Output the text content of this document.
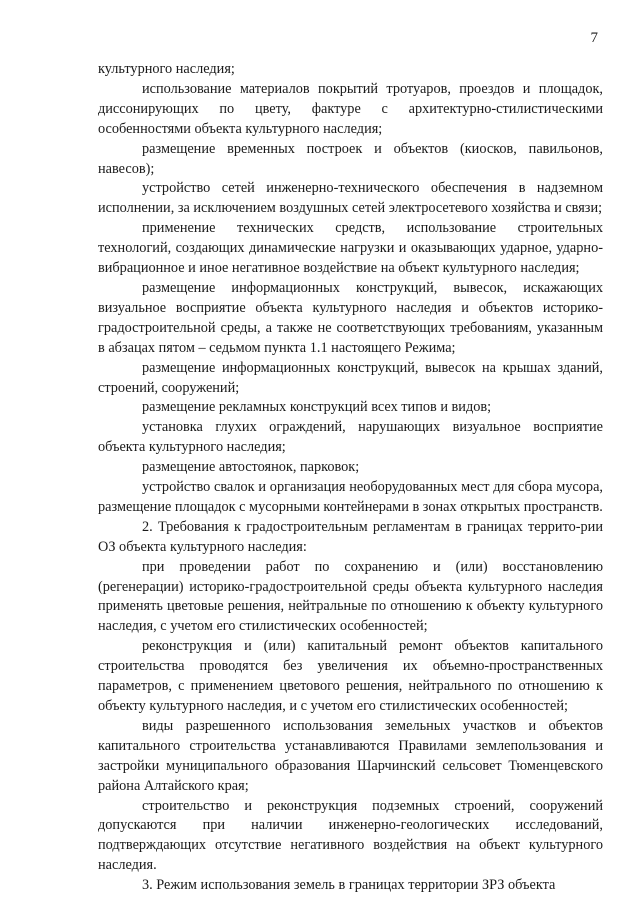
7

культурного наследия;

использование материалов покрытий тротуаров, проездов и площадок, диссонирующих по цвету, фактуре с архитектурно-стилистическими особенностями объекта культурного наследия;

размещение временных построек и объектов (киосков, павильонов, навесов);

устройство сетей инженерно-технического обеспечения в надземном исполнении, за исключением воздушных сетей электросетевого хозяйства и связи;

применение технических средств, использование строительных технологий, создающих динамические нагрузки и оказывающих ударное, ударно-вибрационное и иное негативное воздействие на объект культурного наследия;

размещение информационных конструкций, вывесок, искажающих визуальное восприятие объекта культурного наследия и объектов историко-градостроительной среды, а также не соответствующих требованиям, указанным в абзацах пятом – седьмом пункта 1.1 настоящего Режима;

размещение информационных конструкций, вывесок на крышах зданий, строений, сооружений;

размещение рекламных конструкций всех типов и видов;

установка глухих ограждений, нарушающих визуальное восприятие объекта культурного наследия;

размещение автостоянок, парковок;

устройство свалок и организация необорудованных мест для сбора мусора, размещение площадок с мусорными контейнерами в зонах открытых пространств.

2. Требования к градостроительным регламентам в границах террито-рии ОЗ объекта культурного наследия:

при проведении работ по сохранению и (или) восстановлению (регенерации) историко-градостроительной среды объекта культурного наследия применять цветовые решения, нейтральные по отношению к объекту культурного наследия, с учетом его стилистических особенностей;

реконструкция и (или) капитальный ремонт объектов капитального строительства проводятся без увеличения их объемно-пространственных параметров, с применением цветового решения, нейтрального по отношению к объекту культурного наследия, и с учетом его стилистических особенностей;

виды разрешенного использования земельных участков и объектов капитального строительства устанавливаются Правилами землепользования и застройки муниципального образования Шарчинский сельсовет Тюменцевского района Алтайского края;

строительство и реконструкция подземных строений, сооружений допускаются при наличии инженерно-геологических исследований, подтверждающих отсутствие негативного воздействия на объект культурного наследия.

3. Режим использования земель в границах территории ЗРЗ объекта
